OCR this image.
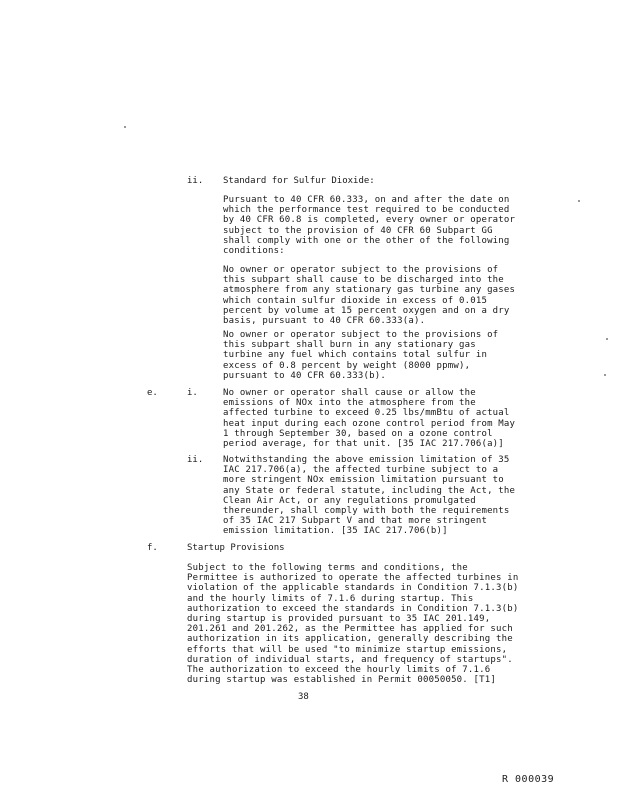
ii. Standard for Sulfur Dioxide:
Pursuant to 40 CFR 60.333, on and after the date on which the performance test required to be conducted by 40 CFR 60.8 is completed, every owner or operator subject to the provision of 40 CFR 60 Subpart GG shall comply with one or the other of the following conditions:
No owner or operator subject to the provisions of this subpart shall cause to be discharged into the atmosphere from any stationary gas turbine any gases which contain sulfur dioxide in excess of 0.015 percent by volume at 15 percent oxygen and on a dry basis, pursuant to 40 CFR 60.333(a).
No owner or operator subject to the provisions of this subpart shall burn in any stationary gas turbine any fuel which contains total sulfur in excess of 0.8 percent by weight (8000 ppmw), pursuant to 40 CFR 60.333(b).
e.	i.	No owner or operator shall cause or allow the emissions of NOx into the atmosphere from the affected turbine to exceed 0.25 lbs/mmBtu of actual heat input during each ozone control period from May 1 through September 30, based on a ozone control period average, for that unit. [35 IAC 217.706(a)]
ii. Notwithstanding the above emission limitation of 35 IAC 217.706(a), the affected turbine subject to a more stringent NOx emission limitation pursuant to any State or federal statute, including the Act, the Clean Air Act, or any regulations promulgated thereunder, shall comply with both the requirements of 35 IAC 217 Subpart V and that more stringent emission limitation. [35 IAC 217.706(b)]
f.	Startup Provisions
Subject to the following terms and conditions, the Permittee is authorized to operate the affected turbines in violation of the applicable standards in Condition 7.1.3(b) and the hourly limits of 7.1.6 during startup. This authorization to exceed the standards in Condition 7.1.3(b) during startup is provided pursuant to 35 IAC 201.149, 201.261 and 201.262, as the Permittee has applied for such authorization in its application, generally describing the efforts that will be used "to minimize startup emissions, duration of individual starts, and frequency of startups". The authorization to exceed the hourly limits of 7.1.6 during startup was established in Permit 00050050. [T1]
38
R 000039
